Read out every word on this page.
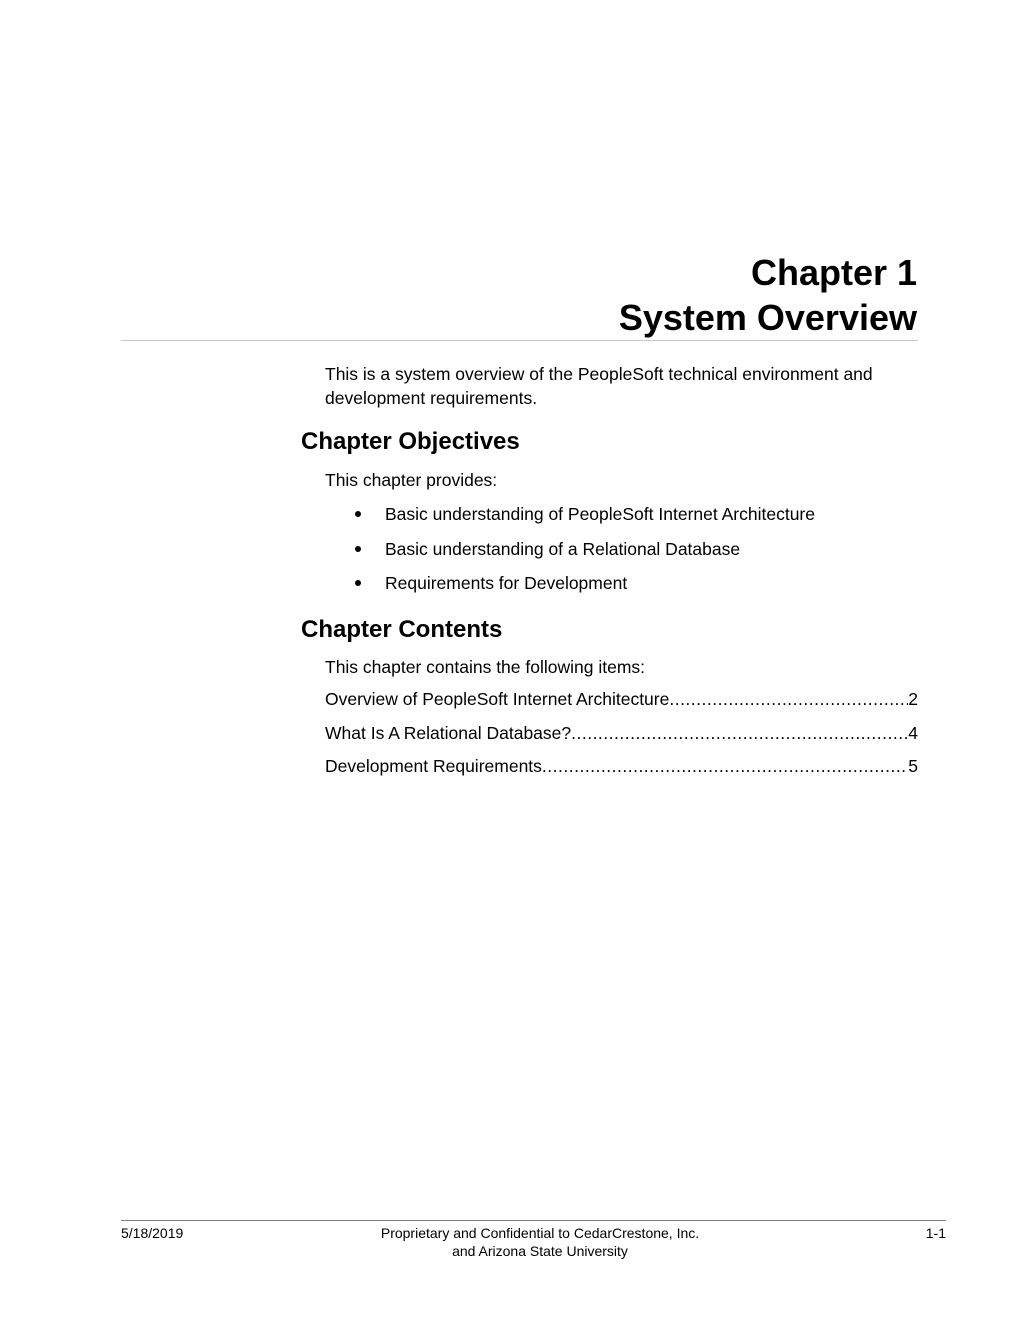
Chapter 1
System Overview
This is a system overview of the PeopleSoft technical environment and development requirements.
Chapter Objectives
This chapter provides:
Basic understanding of PeopleSoft Internet Architecture
Basic understanding of a Relational Database
Requirements for Development
Chapter Contents
This chapter contains the following items:
Overview of PeopleSoft Internet Architecture .....	2
What Is A Relational Database? .....	4
Development Requirements .....	5
5/18/2019	Proprietary and Confidential to CedarCrestone, Inc.
and Arizona State University
1-1
